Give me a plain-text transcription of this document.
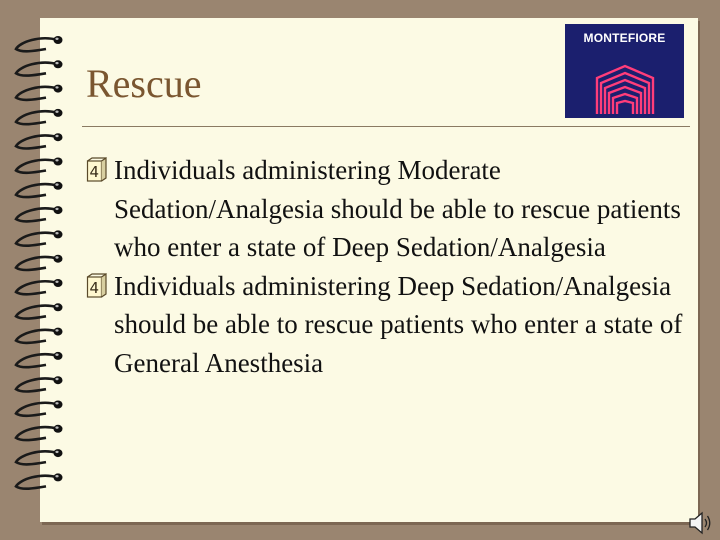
Rescue
MONTEFIORE
4 Individuals administering Moderate Sedation/Analgesia should be able to rescue patients who enter a state of Deep Sedation/Analgesia
4 Individuals administering Deep Sedation/Analgesia should be able to rescue patients who enter a state of General Anesthesia
